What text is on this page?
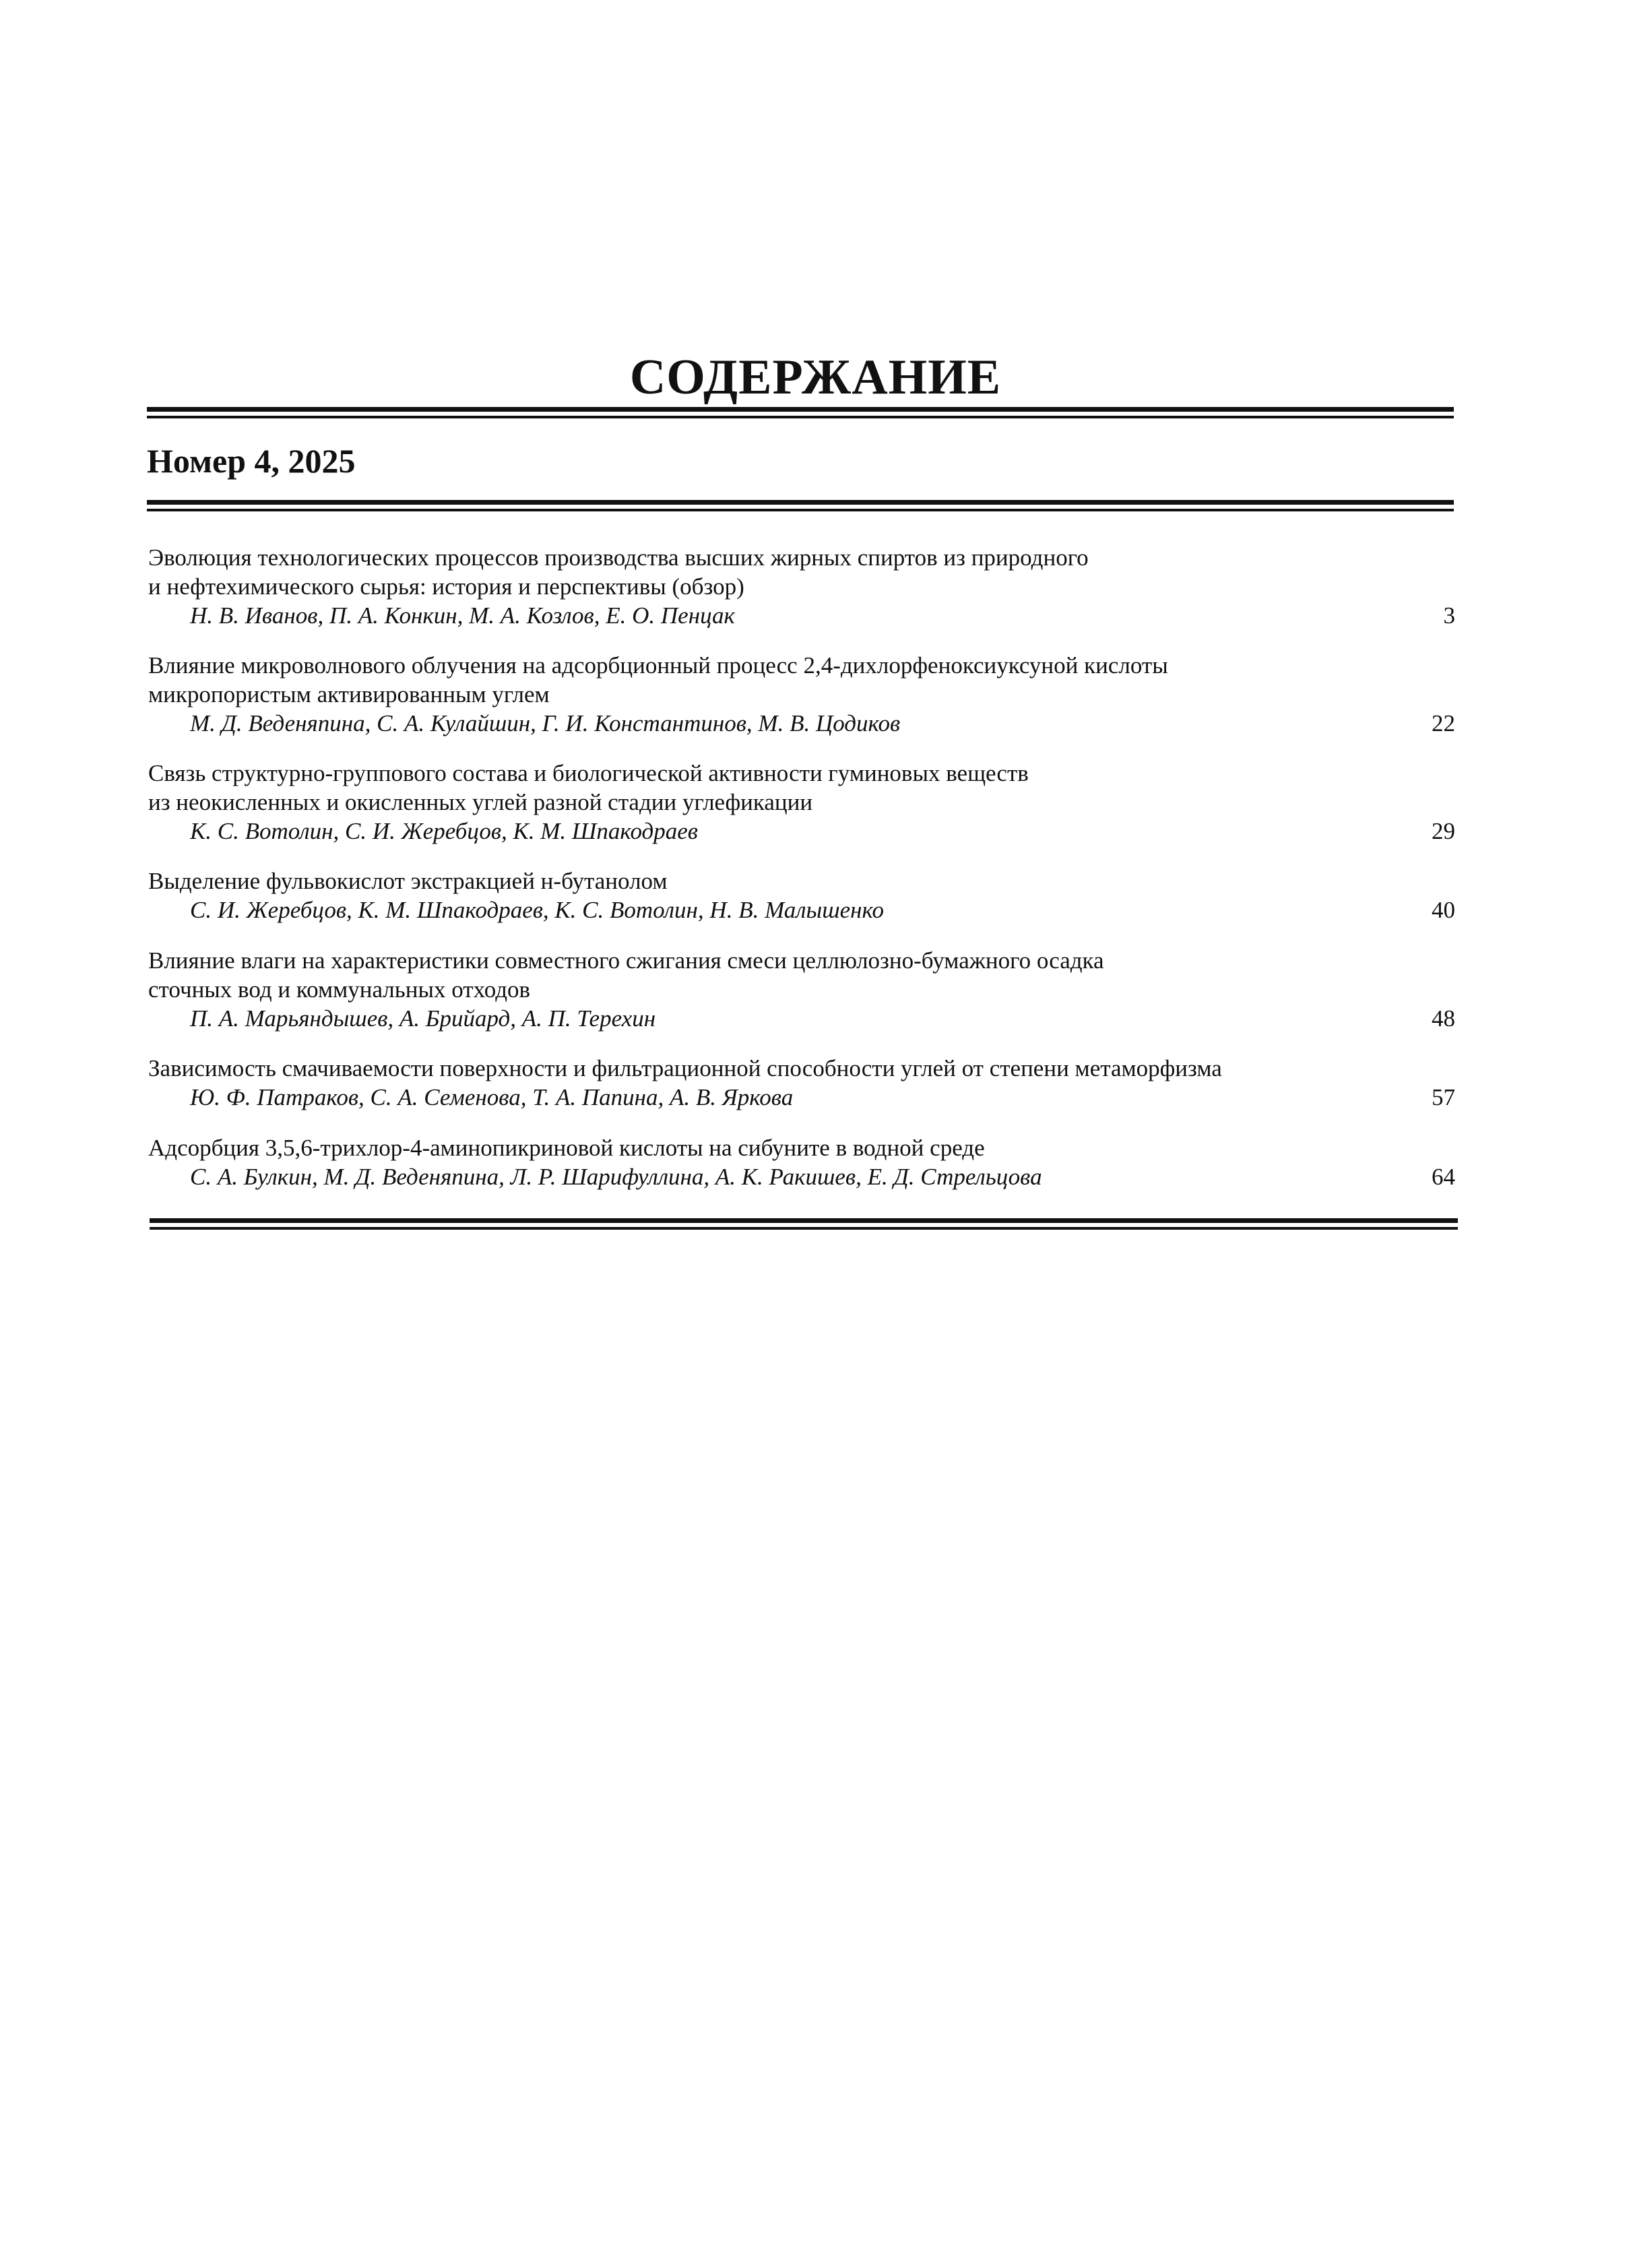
СОДЕРЖАНИЕ
Номер 4, 2025
Эволюция технологических процессов производства высших жирных спиртов из природного
и нефтехимического сырья: история и перспективы (обзор)
Н. В. Иванов, П. А. Конкин, М. А. Козлов, Е. О. Пенцак	3
Влияние микроволнового облучения на адсорбционный процесс 2,4-дихлорфеноксиуксуной кислоты
микропористым активированным углем
М. Д. Веденяпина, С. А. Кулайшин, Г. И. Константинов, М. В. Цодиков	22
Связь структурно-группового состава и биологической активности гуминовых веществ
из неокисленных и окисленных углей разной стадии углефикации
К. С. Вотолин, С. И. Жеребцов, К. М. Шпакодраев	29
Выделение фульвокислот экстракцией н-бутанолом
С. И. Жеребцов, К. М. Шпакодраев, К. С. Вотолин, Н. В. Малышенко	40
Влияние влаги на характеристики совместного сжигания смеси целлюлозно-бумажного осадка
сточных вод и коммунальных отходов
П. А. Марьяндышев, А. Брийард, А. П. Терехин	48
Зависимость смачиваемости поверхности и фильтрационной способности углей от степени метаморфизма
Ю. Ф. Патраков, С. А. Семенова, Т. А. Папина, А. В. Яркова	57
Адсорбция 3,5,6-трихлор-4-аминопикриновой кислоты на сибуните в водной среде
С. А. Булкин, М. Д. Веденяпина, Л. Р. Шарифуллина, А. К. Ракишев, Е. Д. Стрельцова	64
